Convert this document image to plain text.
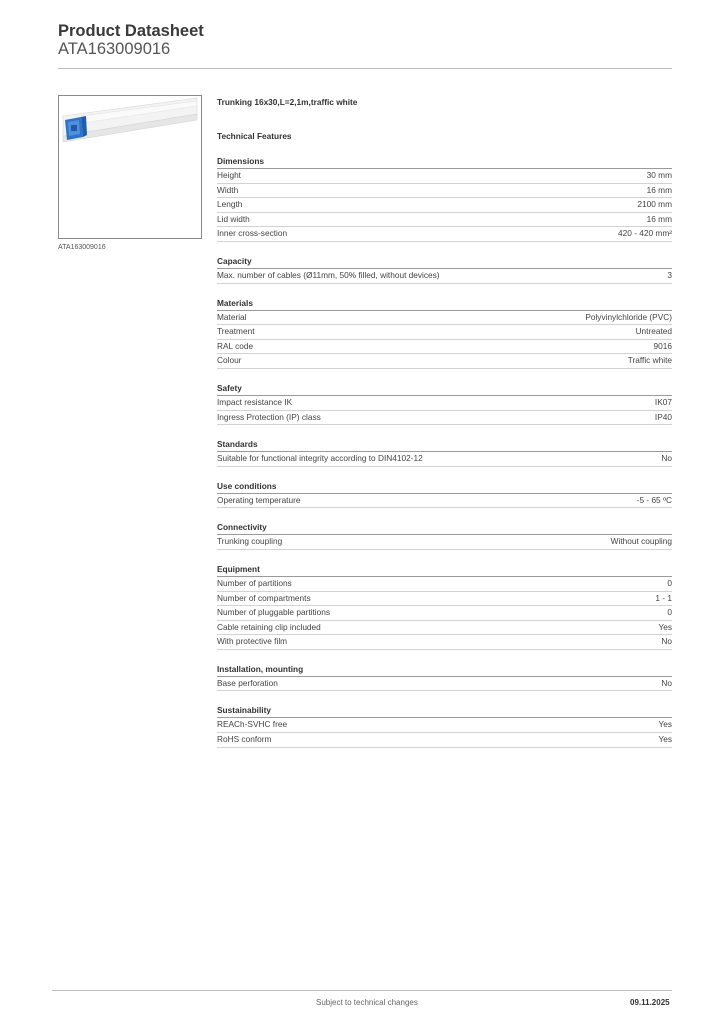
Product Datasheet
ATA163009016
ATA163009016
Trunking 16x30,L=2,1m,traffic white
Technical Features
Dimensions
Height	30 mm
Width	16 mm
Length	2100 mm
Lid width	16 mm
Inner cross-section	420 - 420 mm²
Capacity
Max. number of cables (Ø11mm, 50% filled, without devices)	3
Materials
Material	Polyvinylchloride (PVC)
Treatment	Untreated
RAL code	9016
Colour	Traffic white
Safety
Impact resistance IK	IK07
Ingress Protection (IP) class	IP40
Standards
Suitable for functional integrity according to DIN4102-12	No
Use conditions
Operating temperature	-5 - 65 ºC
Connectivity
Trunking coupling	Without coupling
Equipment
Number of partitions	0
Number of compartments	1 - 1
Number of pluggable partitions	0
Cable retaining clip included	Yes
With protective film	No
Installation, mounting
Base perforation	No
Sustainability
REACh-SVHC free	Yes
RoHS conform	Yes
Subject to technical changes	09.11.2025
